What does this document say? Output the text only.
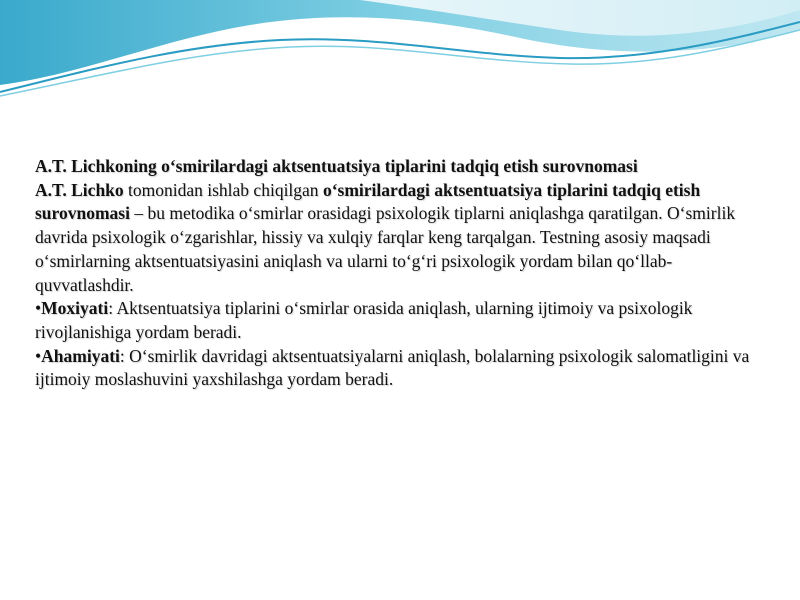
A.T. Lichkoning o‘smirilardagi aktsentuatsiya tiplarini tadqiq etish surovnomasi

A.T. Lichko tomonidan ishlab chiqilgan o‘smirilardagi aktsentuatsiya tiplarini tadqiq etish surovnomasi – bu metodika o‘smirlar orasidagi psixologik tiplarni aniqlashga qaratilgan. O‘smirlik davrida psixologik o‘zgarishlar, hissiy va xulqiy farqlar keng tarqalgan. Testning asosiy maqsadi o‘smirlarning aktsentuatsiyasini aniqlash va ularni to‘g‘ri psixologik yordam bilan qo‘llab-quvvatlashdir.

•Moxiyati: Aktsentuatsiya tiplarini o‘smirlar orasida aniqlash, ularning ijtimoiy va psixologik rivojlanishiga yordam beradi.

•Ahamiyati: O‘smirlik davridagi aktsentuatsiyalarni aniqlash, bolalarning psixologik salomatligini va ijtimoiy moslashuvini yaxshilashga yordam beradi.
